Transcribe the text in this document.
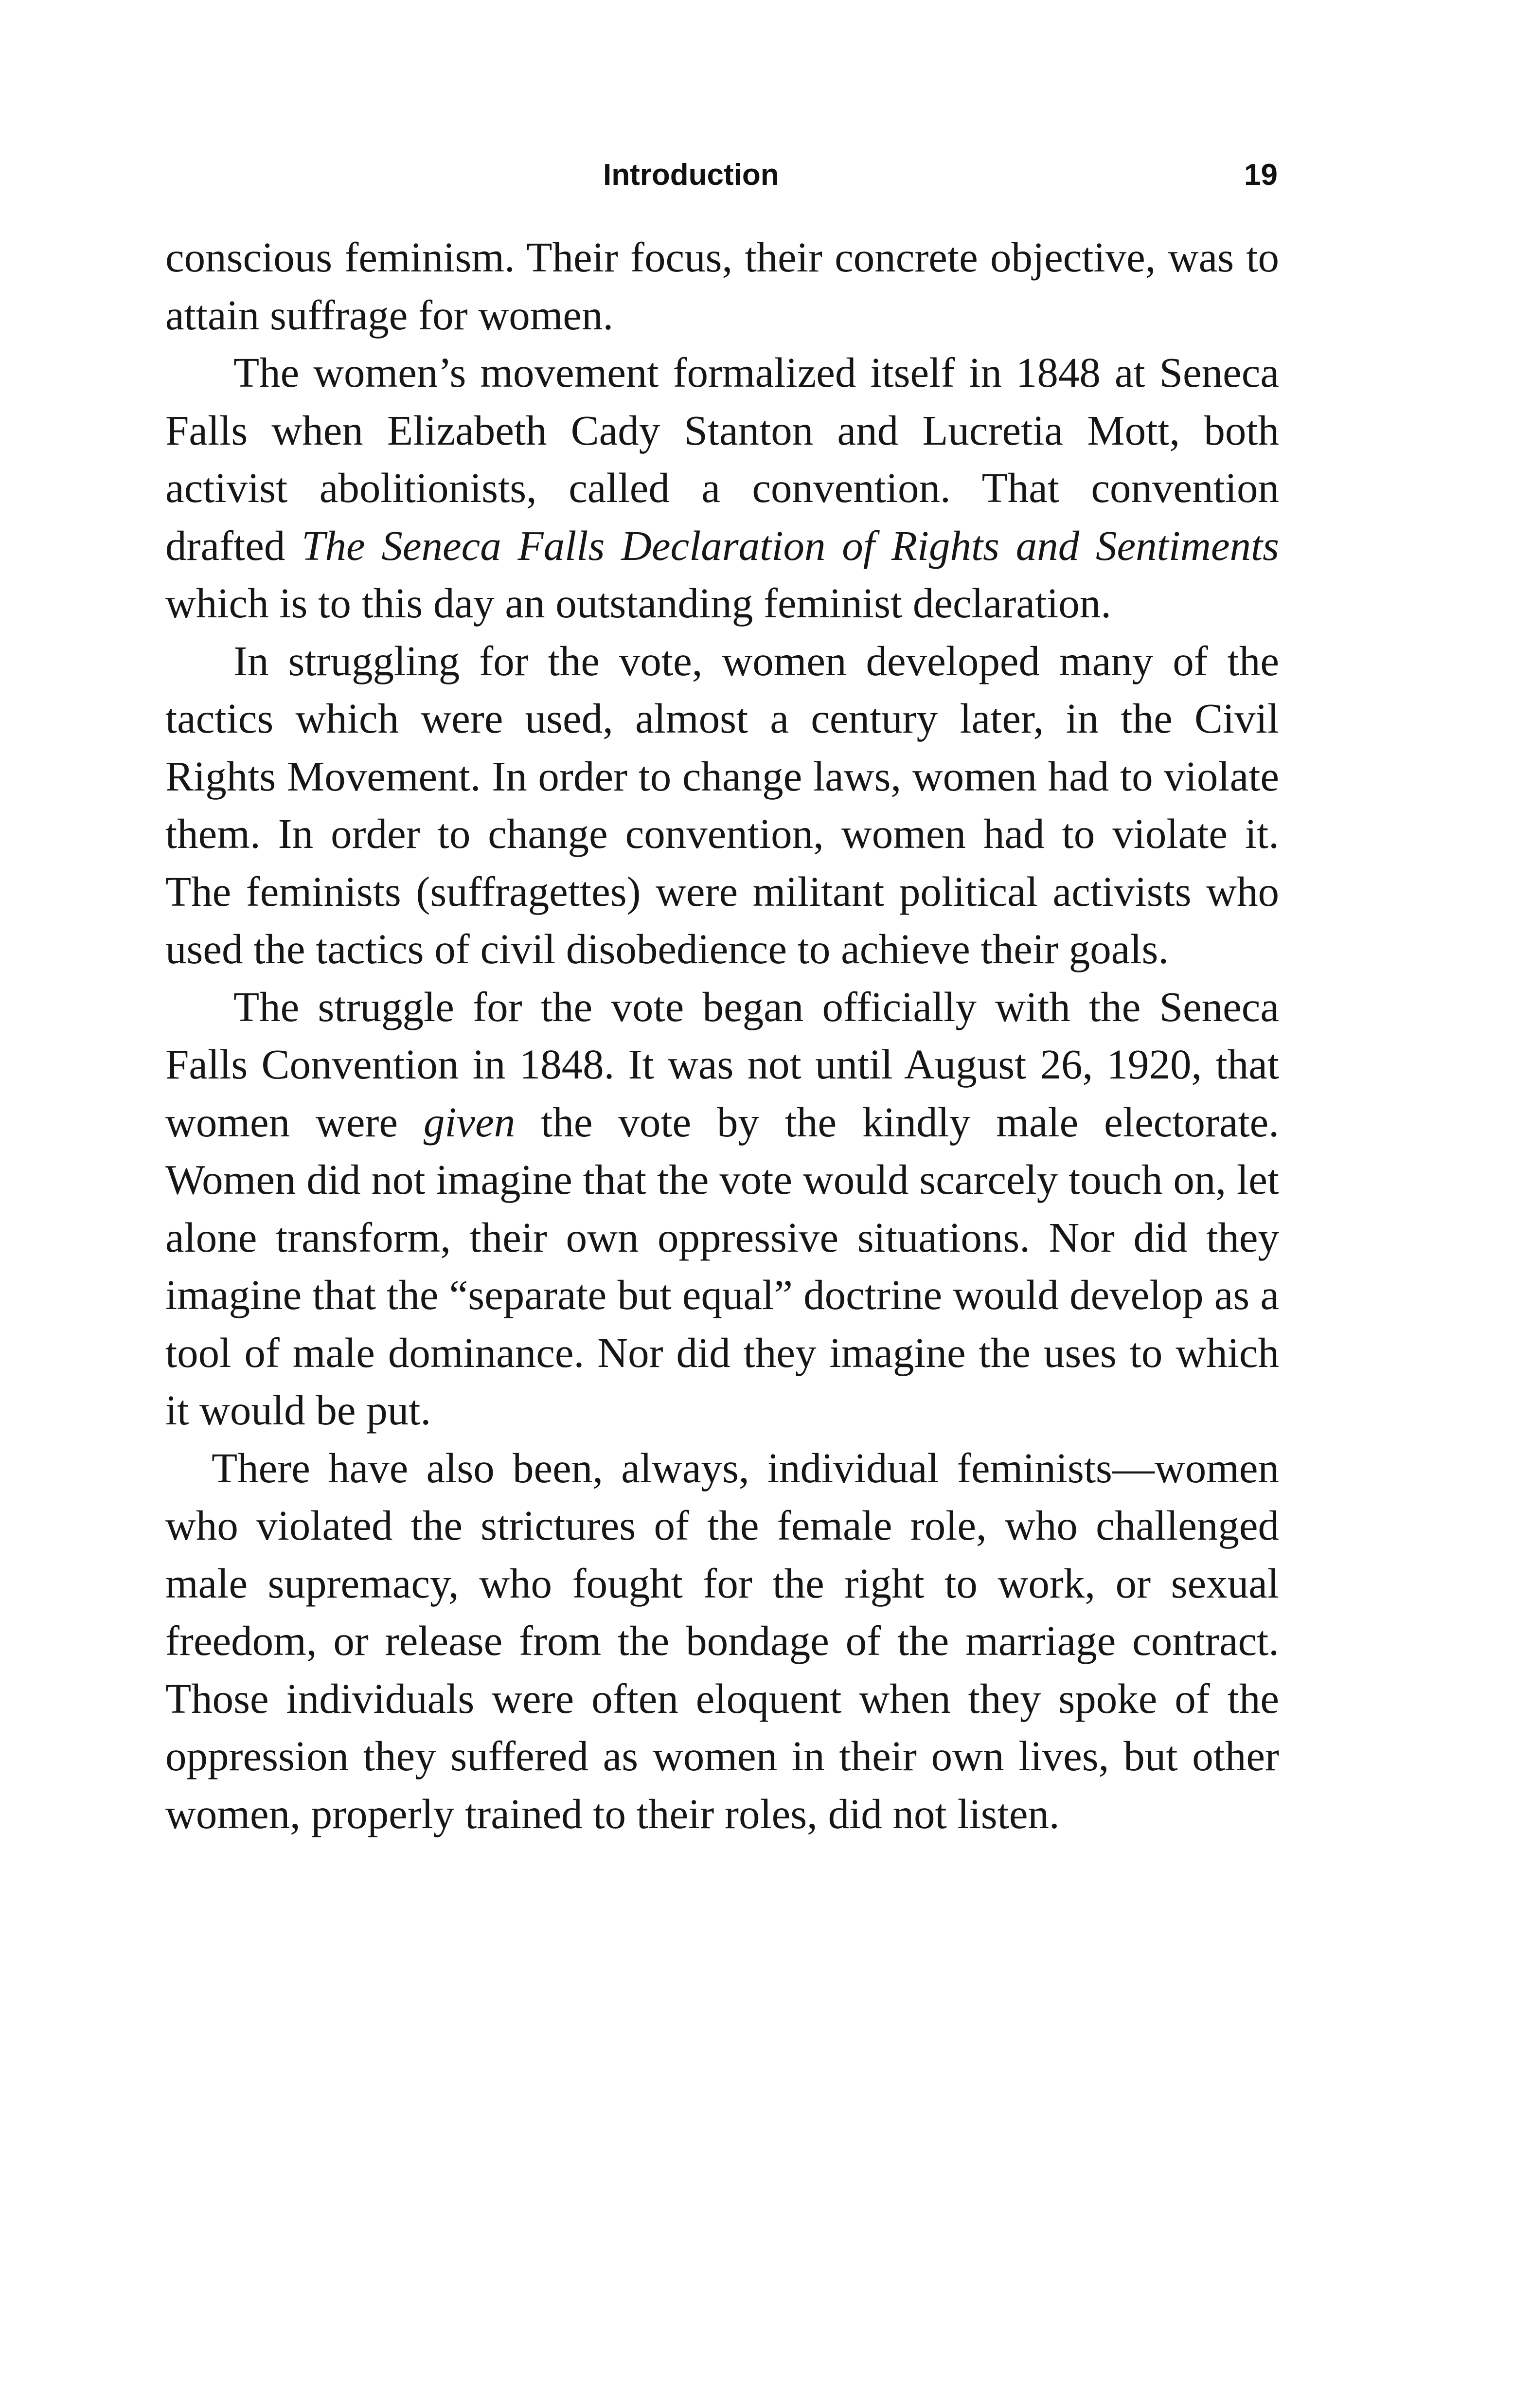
Introduction	19

conscious feminism. Their focus, their concrete objective, was to attain suffrage for women.

The women’s movement formalized itself in 1848 at Seneca Falls when Elizabeth Cady Stanton and Lucretia Mott, both activist abolitionists, called a convention. That convention drafted The Seneca Falls Declaration of Rights and Sentiments which is to this day an outstanding feminist declaration.

In struggling for the vote, women developed many of the tactics which were used, almost a century later, in the Civil Rights Movement. In order to change laws, women had to violate them. In order to change convention, women had to violate it. The feminists (suffragettes) were militant political activists who used the tactics of civil disobedience to achieve their goals.

The struggle for the vote began officially with the Seneca Falls Convention in 1848. It was not until August 26, 1920, that women were given the vote by the kindly male electorate. Women did not imagine that the vote would scarcely touch on, let alone transform, their own oppressive situations. Nor did they imagine that the “separate but equal” doctrine would develop as a tool of male dominance. Nor did they imagine the uses to which it would be put.

There have also been, always, individual feminists—women who violated the strictures of the female role, who challenged male supremacy, who fought for the right to work, or sexual freedom, or release from the bondage of the marriage contract. Those individuals were often eloquent when they spoke of the oppression they suffered as women in their own lives, but other women, properly trained to their roles, did not listen.
